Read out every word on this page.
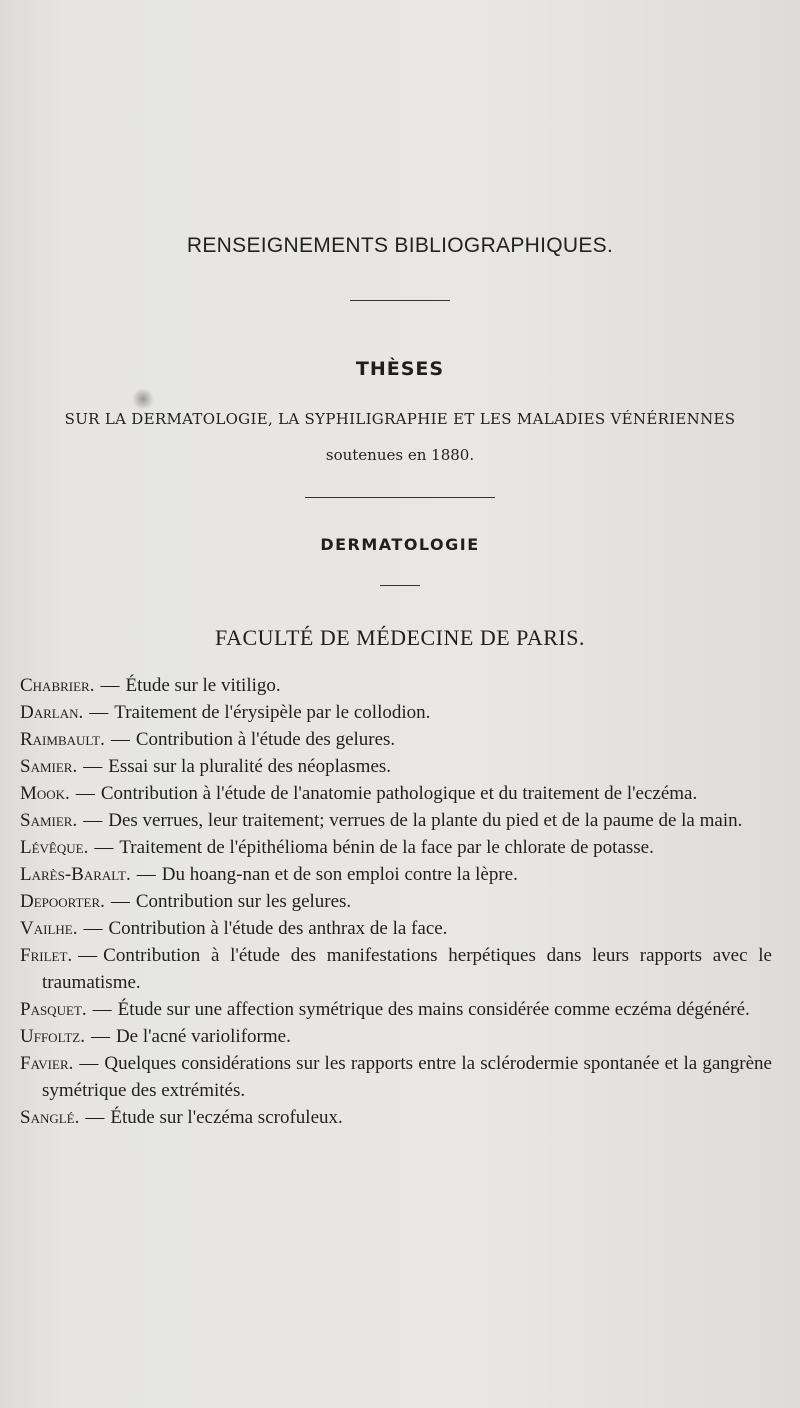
RENSEIGNEMENTS BIBLIOGRAPHIQUES.
THÈSES
SUR LA DERMATOLOGIE, LA SYPHILIGRAPHIE ET LES MALADIES VÉNÉRIENNES
soutenues en 1880.
DERMATOLOGIE
FACULTÉ DE MÉDECINE DE PARIS.
Chabrier. — Étude sur le vitiligo.
Darlan. — Traitement de l'érysipèle par le collodion.
Raimbault. — Contribution à l'étude des gelures.
Samier. — Essai sur la pluralité des néoplasmes.
Mook. — Contribution à l'étude de l'anatomie pathologique et du traitement de l'eczéma.
Samier. — Des verrues, leur traitement; verrues de la plante du pied et de la paume de la main.
Lévêque. — Traitement de l'épithélioma bénin de la face par le chlorate de potasse.
Larès-Baralt. — Du hoang-nan et de son emploi contre la lèpre.
Depoorter. — Contribution sur les gelures.
Vailhe. — Contribution à l'étude des anthrax de la face.
Frilet. — Contribution à l'étude des manifestations herpétiques dans leurs rapports avec le traumatisme.
Pasquet. — Étude sur une affection symétrique des mains considérée comme eczéma dégénéré.
Uffoltz. — De l'acné varioliforme.
Favier. — Quelques considérations sur les rapports entre la sclérodermie spontanée et la gangrène symétrique des extrémités.
Sanglé. — Étude sur l'eczéma scrofuleux.
